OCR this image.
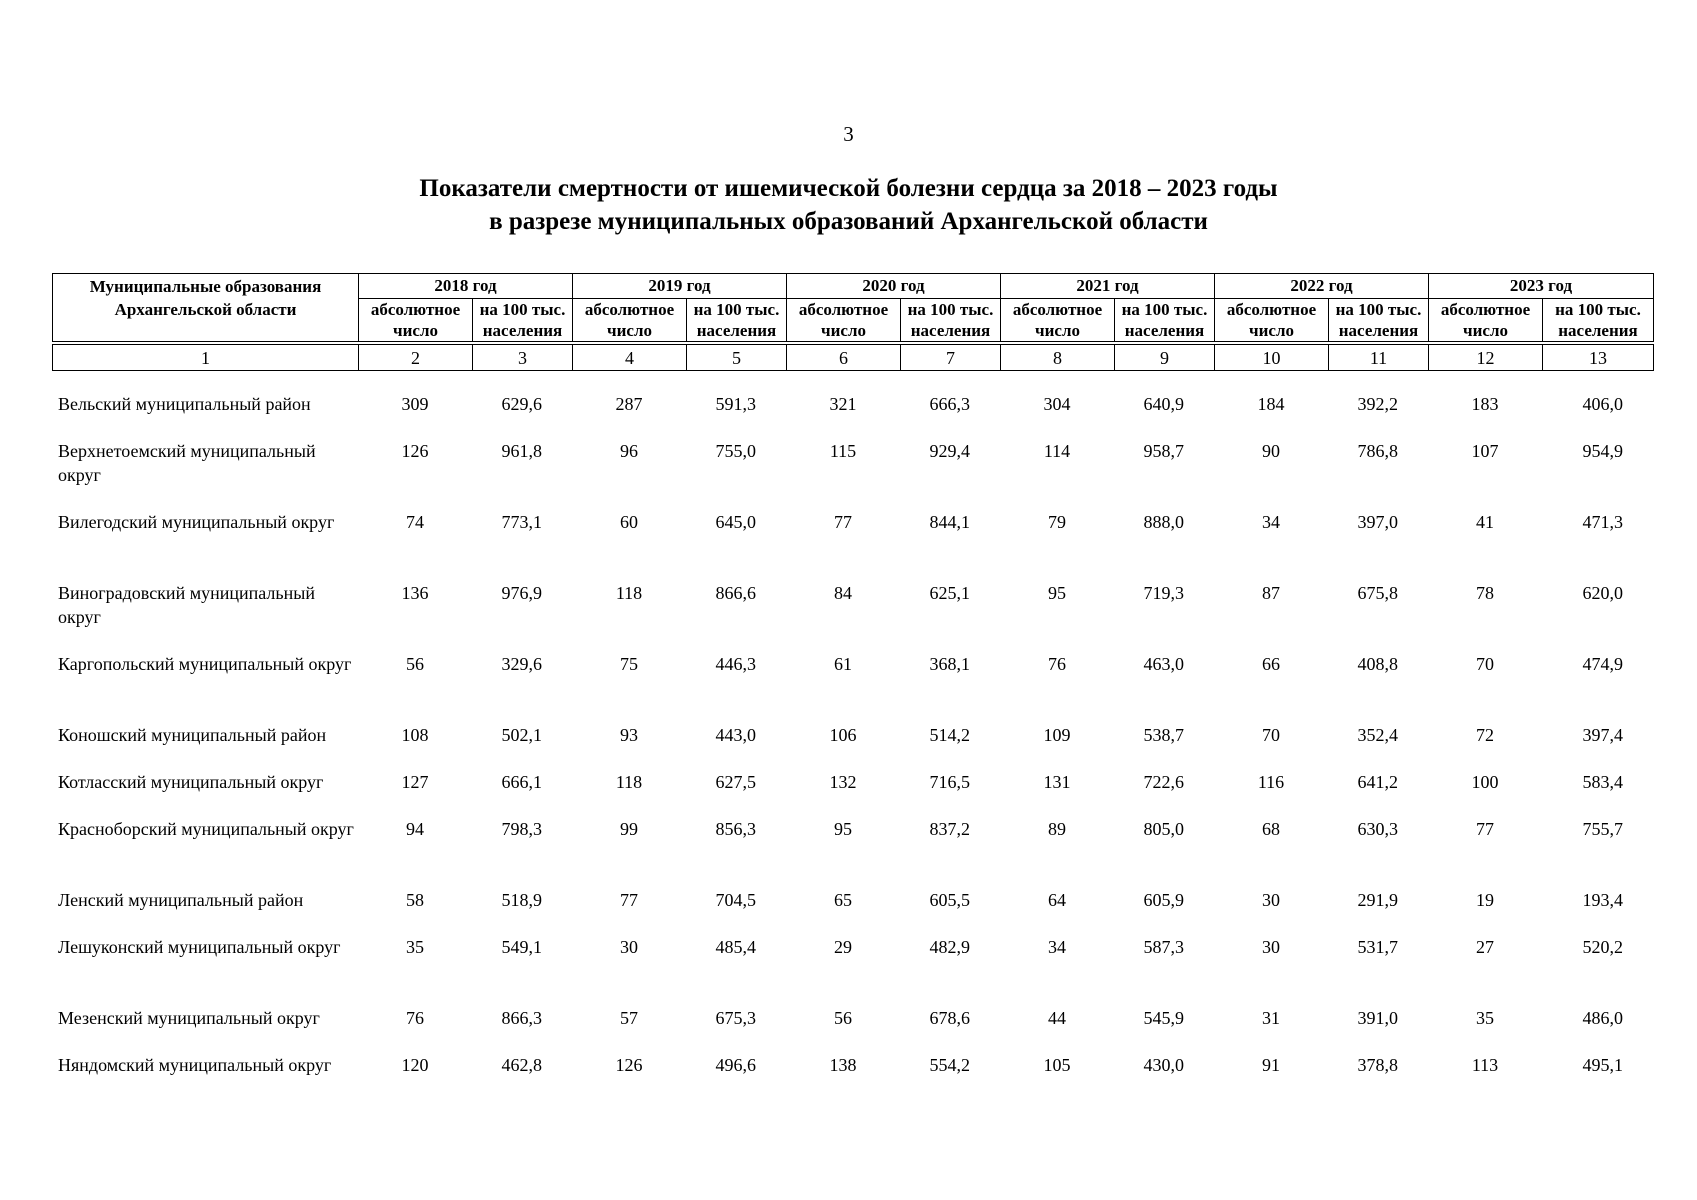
3
Показатели смертности от ишемической болезни сердца за 2018 – 2023 годы
в разрезе муниципальных образований Архангельской области
Муниципальные образования Архангельской области	2018 год		2019 год		2020 год		2021 год		2022 год		2023 год	
	абсолютное число	на 100 тыс. населения	абсолютное число	на 100 тыс. населения	абсолютное число	на 100 тыс. населения	абсолютное число	на 100 тыс. населения	абсолютное число	на 100 тыс. населения	абсолютное число	на 100 тыс. населения

1	2	3	4	5	6	7	8	9	10	11	12	13
Вельский муниципальный район	309	629,6	287	591,3	321	666,3	304	640,9	184	392,2	183	406,0
Верхнетоемский муниципальный округ	126	961,8	96	755,0	115	929,4	114	958,7	90	786,8	107	954,9
Вилегодский муниципальный округ	74	773,1	60	645,0	77	844,1	79	888,0	34	397,0	41	471,3
Виноградовский муниципальный округ	136	976,9	118	866,6	84	625,1	95	719,3	87	675,8	78	620,0
Каргопольский муниципальный округ	56	329,6	75	446,3	61	368,1	76	463,0	66	408,8	70	474,9
Коношский муниципальный район	108	502,1	93	443,0	106	514,2	109	538,7	70	352,4	72	397,4
Котласский муниципальный округ	127	666,1	118	627,5	132	716,5	131	722,6	116	641,2	100	583,4
Красноборский муниципальный округ	94	798,3	99	856,3	95	837,2	89	805,0	68	630,3	77	755,7
Ленский муниципальный район	58	518,9	77	704,5	65	605,5	64	605,9	30	291,9	19	193,4
Лешуконский муниципальный округ	35	549,1	30	485,4	29	482,9	34	587,3	30	531,7	27	520,2
Мезенский муниципальный округ	76	866,3	57	675,3	56	678,6	44	545,9	31	391,0	35	486,0
Няндомский муниципальный округ	120	462,8	126	496,6	138	554,2	105	430,0	91	378,8	113	495,1
